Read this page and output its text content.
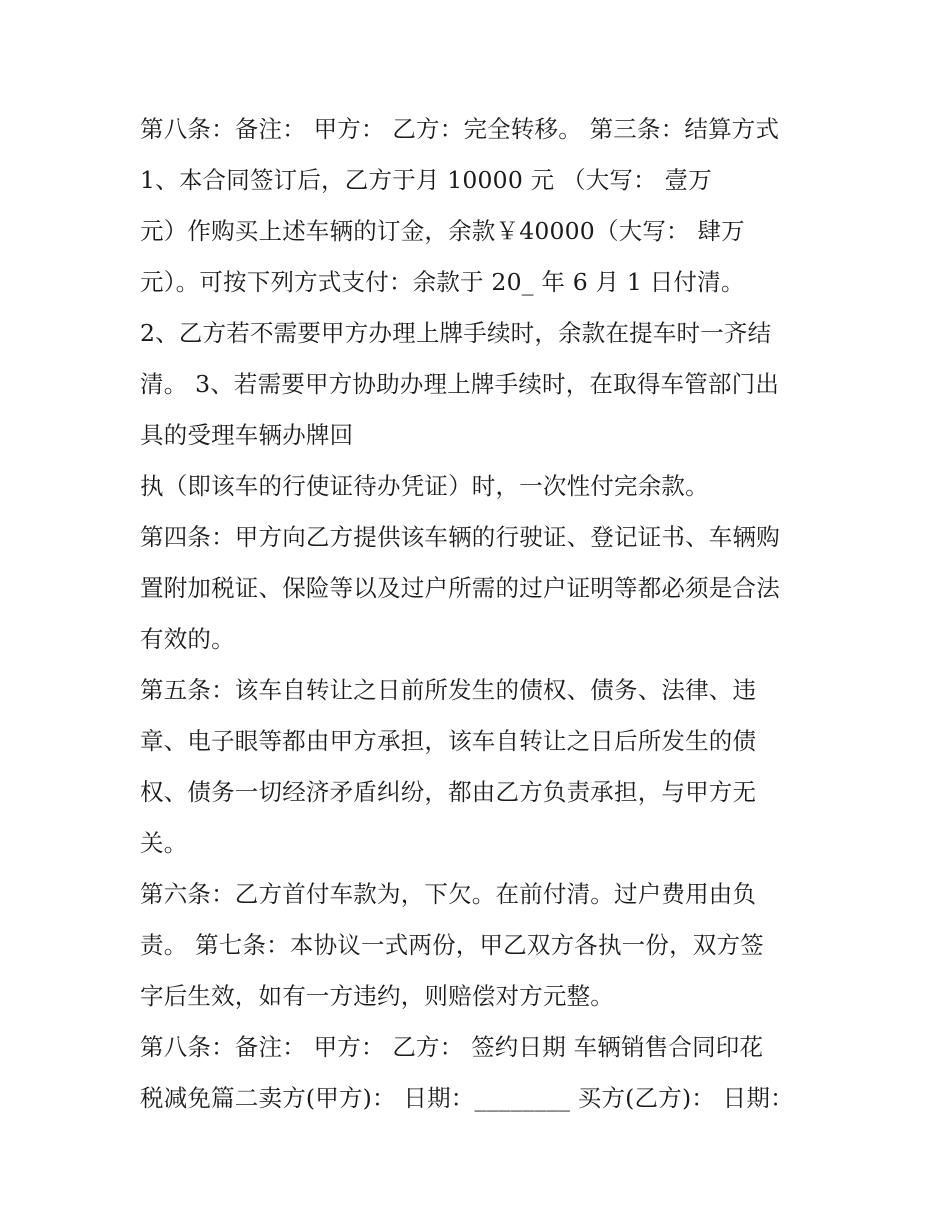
第八条：备注： 甲方： 乙方：完全转移。 第三条：结算方式
1、本合同签订后，乙方于月 10000 元 （大写： 壹万
元）作购买上述车辆的订金，余款￥40000（大写： 肆万
元）。可按下列方式支付：余款于 20_ 年 6 月 1 日付清。
2、乙方若不需要甲方办理上牌手续时，余款在提车时一齐结
清。 3、若需要甲方协助办理上牌手续时，在取得车管部门出
具的受理车辆办牌回
执（即该车的行使证待办凭证）时，一次性付完余款。
第四条：甲方向乙方提供该车辆的行驶证、登记证书、车辆购
置附加税证、保险等以及过户所需的过户证明等都必须是合法
有效的。
第五条：该车自转让之日前所发生的债权、债务、法律、违
章、电子眼等都由甲方承担，该车自转让之日后所发生的债
权、债务一切经济矛盾纠纷，都由乙方负责承担，与甲方无
关。
第六条：乙方首付车款为，下欠。在前付清。过户费用由负
责。 第七条：本协议一式两份，甲乙双方各执一份，双方签
字后生效，如有一方违约，则赔偿对方元整。
第八条：备注： 甲方： 乙方： 签约日期 车辆销售合同印花
税减免篇二卖方(甲方)： 日期：________ 买方(乙方)： 日期：
